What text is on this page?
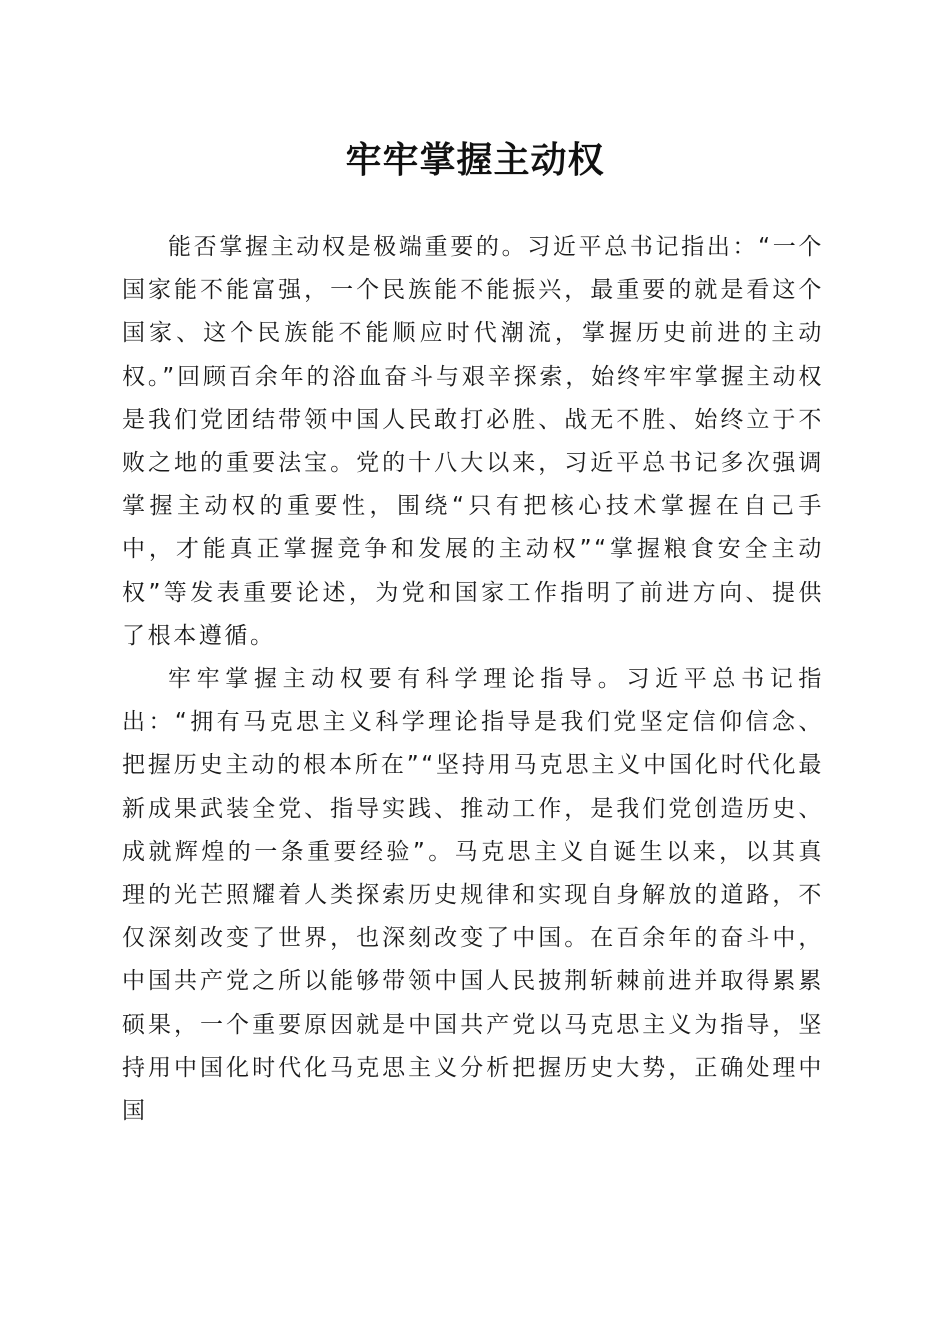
牢牢掌握主动权

能否掌握主动权是极端重要的。习近平总书记指出：“一个国家能不能富强，一个民族能不能振兴，最重要的就是看这个国家、这个民族能不能顺应时代潮流，掌握历史前进的主动权。”回顾百余年的浴血奋斗与艰辛探索，始终牢牢掌握主动权是我们党团结带领中国人民敢打必胜、战无不胜、始终立于不败之地的重要法宝。党的十八大以来，习近平总书记多次强调掌握主动权的重要性，围绕“只有把核心技术掌握在自己手中，才能真正掌握竞争和发展的主动权”“掌握粮食安全主动权”等发表重要论述，为党和国家工作指明了前进方向、提供了根本遵循。

牢牢掌握主动权要有科学理论指导。习近平总书记指出：“拥有马克思主义科学理论指导是我们党坚定信仰信念、把握历史主动的根本所在”“坚持用马克思主义中国化时代化最新成果武装全党、指导实践、推动工作，是我们党创造历史、成就辉煌的一条重要经验”。马克思主义自诞生以来，以其真理的光芒照耀着人类探索历史规律和实现自身解放的道路，不仅深刻改变了世界，也深刻改变了中国。在百余年的奋斗中，中国共产党之所以能够带领中国人民披荆斩棘前进并取得累累硕果，一个重要原因就是中国共产党以马克思主义为指导，坚持用中国化时代化马克思主义分析把握历史大势，正确处理中国
